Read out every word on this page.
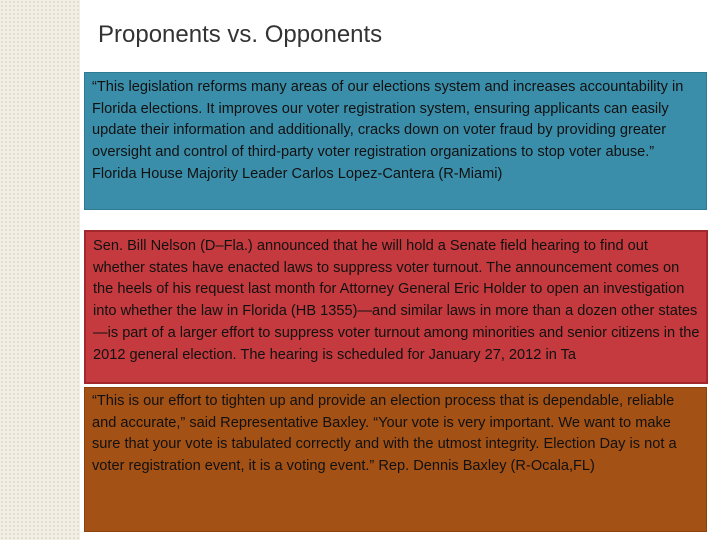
Proponents vs. Opponents

“This legislation reforms many areas of our elections system and increases accountability in Florida elections. It improves our voter registration system, ensuring applicants can easily update their information and additionally, cracks down on voter fraud by providing greater oversight and control of third-party voter registration organizations to stop voter abuse.” Florida House Majority Leader Carlos Lopez-Cantera (R-Miami)

Sen. Bill Nelson (D–Fla.) announced that he will hold a Senate field hearing to find out whether states have enacted laws to suppress voter turnout. The announcement comes on the heels of his request last month for Attorney General Eric Holder to open an investigation into whether the law in Florida (HB 1355)—and similar laws in more than a dozen other states—is part of a larger effort to suppress voter turnout among minorities and senior citizens in the 2012 general election. The hearing is scheduled for January 27, 2012 in Ta

“This is our effort to tighten up and provide an election process that is dependable, reliable and accurate,” said Representative Baxley. “Your vote is very important. We want to make sure that your vote is tabulated correctly and with the utmost integrity. Election Day is not a voter registration event, it is a voting event.” Rep. Dennis Baxley (R-Ocala,FL)
